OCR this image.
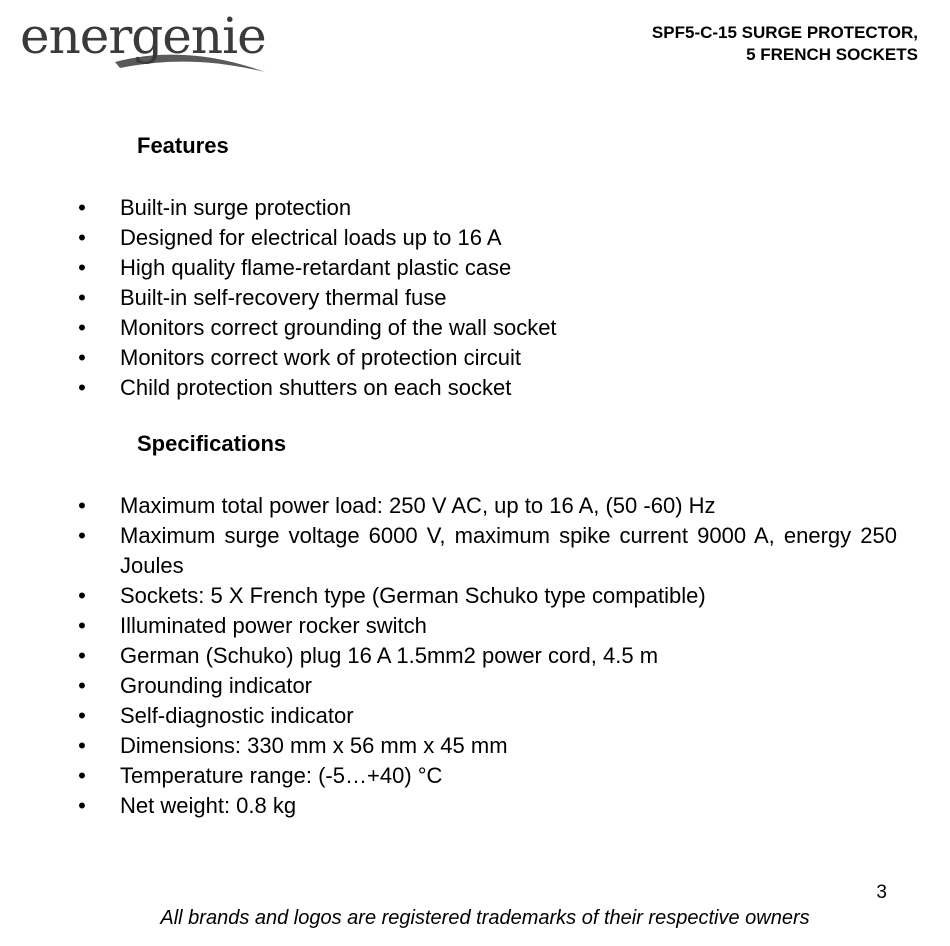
energenie	SPF5-C-15 SURGE PROTECTOR,
5 FRENCH SOCKETS
Features
• Built-in surge protection
• Designed for electrical loads up to 16 A
• High quality flame-retardant plastic case
• Built-in self-recovery thermal fuse
• Monitors correct grounding of the wall socket
• Monitors correct work of protection circuit
• Child protection shutters on each socket
Specifications
• Maximum total power load: 250 V AC, up to 16 A, (50 -60) Hz
• Maximum surge voltage 6000 V, maximum spike current 9000 A, energy 250 Joules
• Sockets: 5 X French type (German Schuko type compatible)
• Illuminated power rocker switch
• German (Schuko) plug 16 A 1.5mm2 power cord, 4.5 m
• Grounding indicator
• Self-diagnostic indicator
• Dimensions: 330 mm x 56 mm x 45 mm
• Temperature range: (-5…+40) °C
• Net weight: 0.8 kg
3
All brands and logos are registered trademarks of their respective owners
